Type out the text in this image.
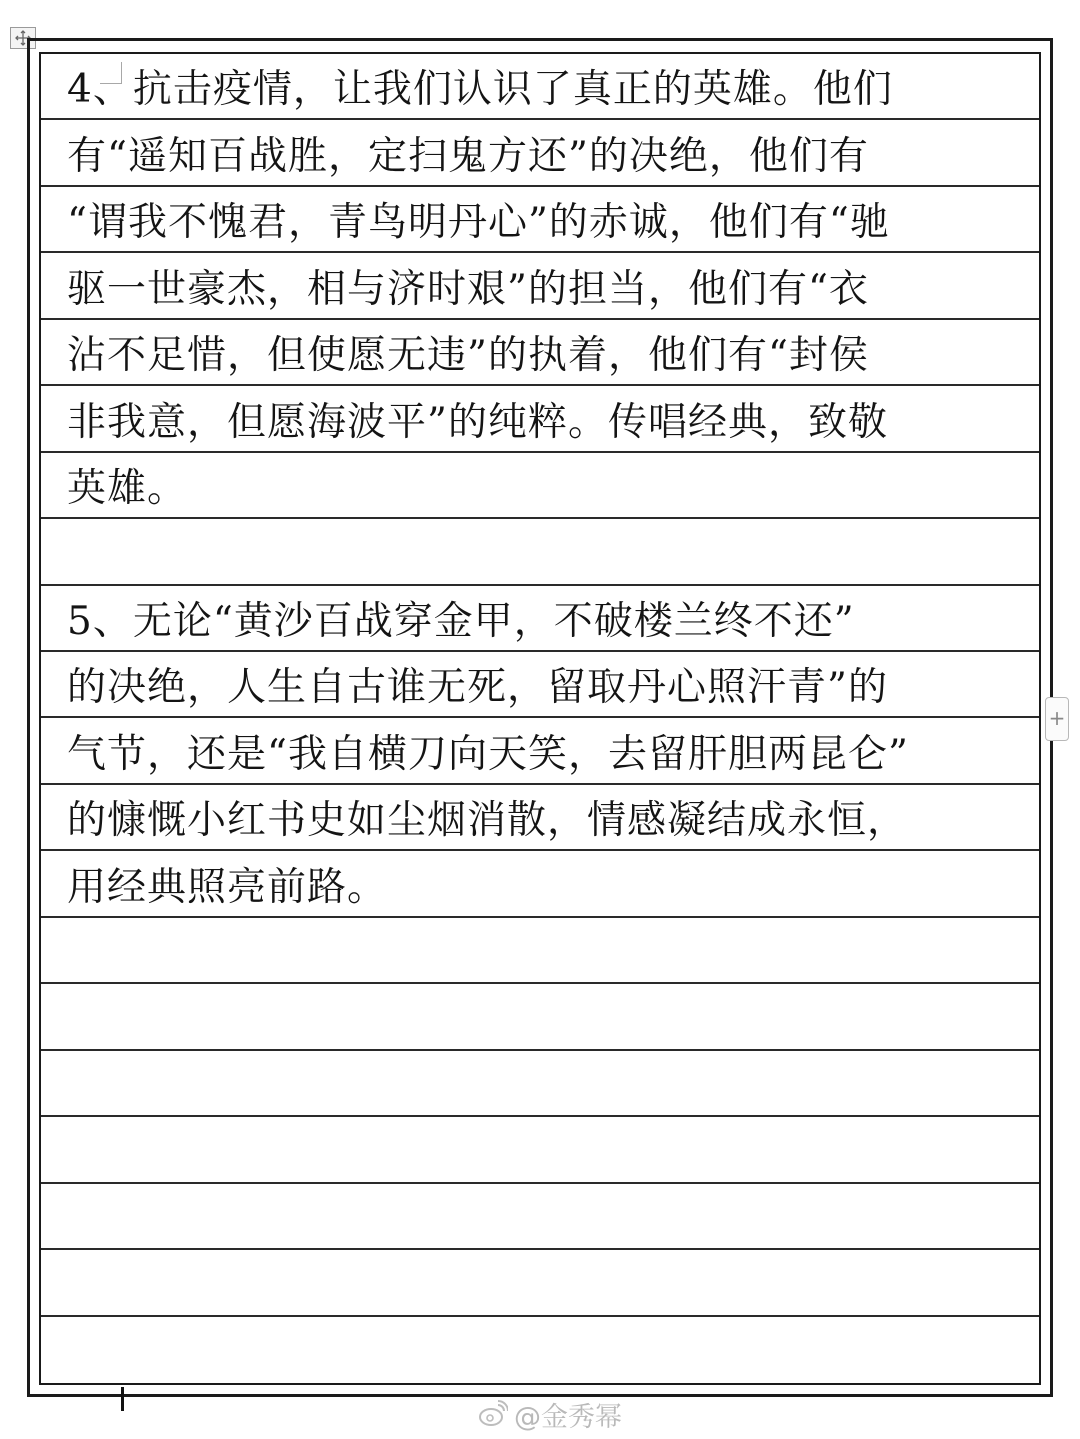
4、抗击疫情，让我们认识了真正的英雄。他们
有“遥知百战胜，定扫鬼方还”的决绝，他们有
“谓我不愧君，青鸟明丹心”的赤诚，他们有“驰
驱一世豪杰，相与济时艰”的担当，他们有“衣
沾不足惜，但使愿无违”的执着，他们有“封侯
非我意，但愿海波平”的纯粹。传唱经典，致敬
英雄。
5、无论“黄沙百战穿金甲，不破楼兰终不还”
的决绝，人生自古谁无死，留取丹心照汗青”的
气节，还是“我自横刀向天笑，去留肝胆两昆仑”
的慷慨小红书史如尘烟消散，情感凝结成永恒，
用经典照亮前路。
+
@金秀幂
